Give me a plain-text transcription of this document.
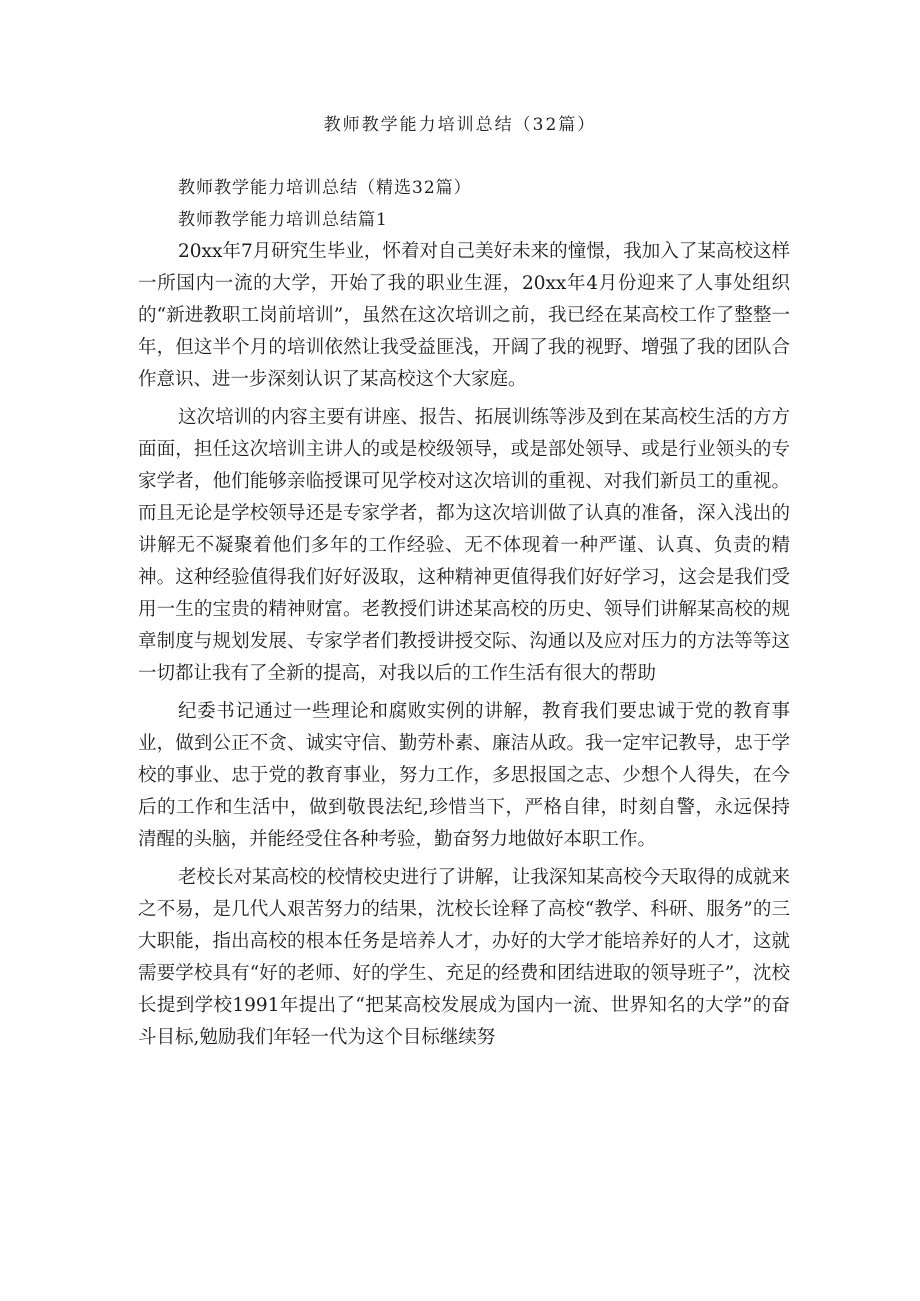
教师教学能力培训总结（32篇）

教师教学能力培训总结（精选32篇）

教师教学能力培训总结篇1

20xx年7月研究生毕业，怀着对自己美好未来的憧憬，我加入了某高校这样一所国内一流的大学，开始了我的职业生涯，20xx年4月份迎来了人事处组织的“新进教职工岗前培训”，虽然在这次培训之前，我已经在某高校工作了整整一年，但这半个月的培训依然让我受益匪浅，开阔了我的视野、增强了我的团队合作意识、进一步深刻认识了某高校这个大家庭。

这次培训的内容主要有讲座、报告、拓展训练等涉及到在某高校生活的方方面面，担任这次培训主讲人的或是校级领导，或是部处领导、或是行业领头的专家学者，他们能够亲临授课可见学校对这次培训的重视、对我们新员工的重视。而且无论是学校领导还是专家学者，都为这次培训做了认真的准备，深入浅出的讲解无不凝聚着他们多年的工作经验、无不体现着一种严谨、认真、负责的精神。这种经验值得我们好好汲取，这种精神更值得我们好好学习，这会是我们受用一生的宝贵的精神财富。老教授们讲述某高校的历史、领导们讲解某高校的规章制度与规划发展、专家学者们教授讲授交际、沟通以及应对压力的方法等等这一切都让我有了全新的提高，对我以后的工作生活有很大的帮助

纪委书记通过一些理论和腐败实例的讲解，教育我们要忠诚于党的教育事业，做到公正不贪、诚实守信、勤劳朴素、廉洁从政。我一定牢记教导，忠于学校的事业、忠于党的教育事业，努力工作，多思报国之志、少想个人得失，在今后的工作和生活中，做到敬畏法纪,珍惜当下，严格自律，时刻自警，永远保持清醒的头脑，并能经受住各种考验，勤奋努力地做好本职工作。

老校长对某高校的校情校史进行了讲解，让我深知某高校今天取得的成就来之不易，是几代人艰苦努力的结果，沈校长诠释了高校“教学、科研、服务”的三大职能，指出高校的根本任务是培养人才，办好的大学才能培养好的人才，这就需要学校具有“好的老师、好的学生、充足的经费和团结进取的领导班子”，沈校长提到学校1991年提出了“把某高校发展成为国内一流、世界知名的大学”的奋斗目标,勉励我们年轻一代为这个目标继续努
